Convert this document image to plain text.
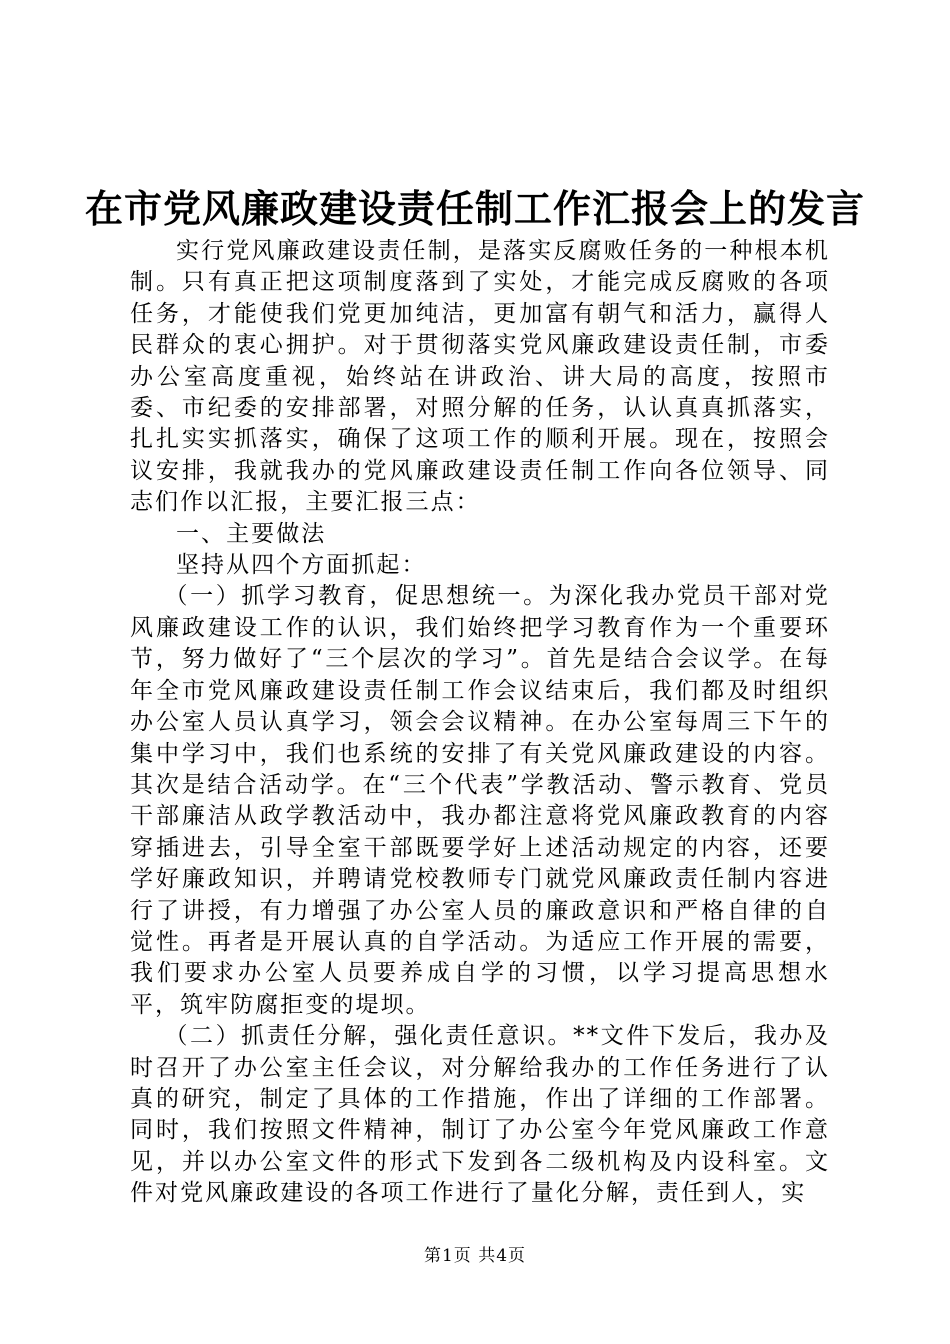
在市党风廉政建设责任制工作汇报会上的发言

实行党风廉政建设责任制，是落实反腐败任务的一种根本机制。只有真正把这项制度落到了实处，才能完成反腐败的各项任务，才能使我们党更加纯洁，更加富有朝气和活力，赢得人民群众的衷心拥护。对于贯彻落实党风廉政建设责任制，市委办公室高度重视，始终站在讲政治、讲大局的高度，按照市委、市纪委的安排部署，对照分解的任务，认认真真抓落实，扎扎实实抓落实，确保了这项工作的顺利开展。现在，按照会议安排，我就我办的党风廉政建设责任制工作向各位领导、同志们作以汇报，主要汇报三点：

一、主要做法

坚持从四个方面抓起：

（一）抓学习教育，促思想统一。为深化我办党员干部对党风廉政建设工作的认识，我们始终把学习教育作为一个重要环节，努力做好了“三个层次的学习”。首先是结合会议学。在每年全市党风廉政建设责任制工作会议结束后，我们都及时组织办公室人员认真学习，领会会议精神。在办公室每周三下午的集中学习中，我们也系统的安排了有关党风廉政建设的内容。其次是结合活动学。在“三个代表”学教活动、警示教育、党员干部廉洁从政学教活动中，我办都注意将党风廉政教育的内容穿插进去，引导全室干部既要学好上述活动规定的内容，还要学好廉政知识，并聘请党校教师专门就党风廉政责任制内容进行了讲授，有力增强了办公室人员的廉政意识和严格自律的自觉性。再者是开展认真的自学活动。为适应工作开展的需要，我们要求办公室人员要养成自学的习惯，以学习提高思想水平，筑牢防腐拒变的堤坝。

（二）抓责任分解，强化责任意识。**文件下发后，我办及时召开了办公室主任会议，对分解给我办的工作任务进行了认真的研究，制定了具体的工作措施，作出了详细的工作部署。同时，我们按照文件精神，制订了办公室今年党风廉政工作意见，并以办公室文件的形式下发到各二级机构及内设科室。文件对党风廉政建设的各项工作进行了量化分解，责任到人，实

第1页 共4页
